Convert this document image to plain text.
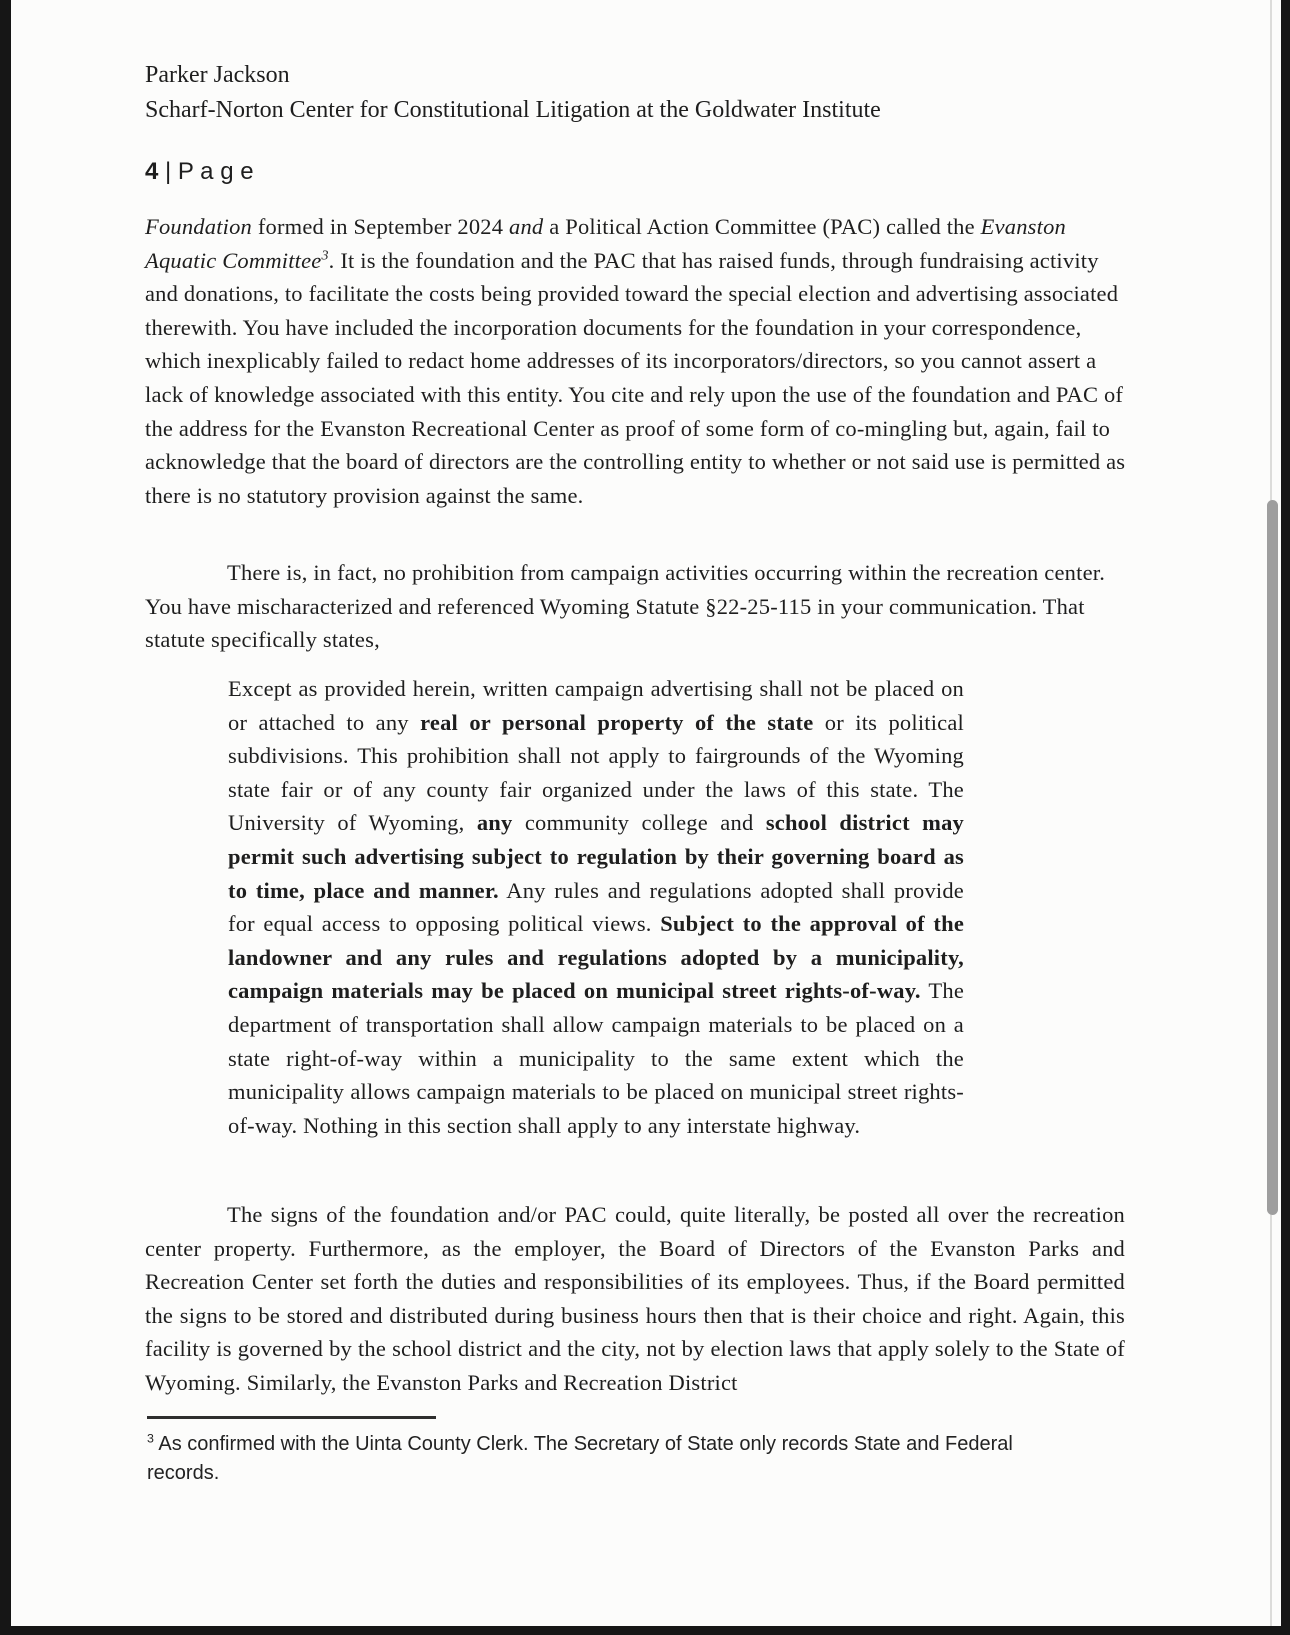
Parker Jackson
Scharf-Norton Center for Constitutional Litigation at the Goldwater Institute
4 | P a g e
Foundation formed in September 2024 and a Political Action Committee (PAC) called the Evanston Aquatic Committee$^3$. It is the foundation and the PAC that has raised funds, through fundraising activity and donations, to facilitate the costs being provided toward the special election and advertising associated therewith. You have included the incorporation documents for the foundation in your correspondence, which inexplicably failed to redact home addresses of its incorporators/directors, so you cannot assert a lack of knowledge associated with this entity. You cite and rely upon the use of the foundation and PAC of the address for the Evanston Recreational Center as proof of some form of co-mingling but, again, fail to acknowledge that the board of directors are the controlling entity to whether or not said use is permitted as there is no statutory provision against the same.
There is, in fact, no prohibition from campaign activities occurring within the recreation center. You have mischaracterized and referenced Wyoming Statute §22-25-115 in your communication. That statute specifically states,
Except as provided herein, written campaign advertising shall not be placed on or attached to any real or personal property of the state or its political subdivisions. This prohibition shall not apply to fairgrounds of the Wyoming state fair or of any county fair organized under the laws of this state. The University of Wyoming, any community college and school district may permit such advertising subject to regulation by their governing board as to time, place and manner. Any rules and regulations adopted shall provide for equal access to opposing political views. Subject to the approval of the landowner and any rules and regulations adopted by a municipality, campaign materials may be placed on municipal street rights-of-way. The department of transportation shall allow campaign materials to be placed on a state right-of-way within a municipality to the same extent which the municipality allows campaign materials to be placed on municipal street rights-of-way. Nothing in this section shall apply to any interstate highway.
The signs of the foundation and/or PAC could, quite literally, be posted all over the recreation center property. Furthermore, as the employer, the Board of Directors of the Evanston Parks and Recreation Center set forth the duties and responsibilities of its employees. Thus, if the Board permitted the signs to be stored and distributed during business hours then that is their choice and right. Again, this facility is governed by the school district and the city, not by election laws that apply solely to the State of Wyoming. Similarly, the Evanston Parks and Recreation District
$^3$ As confirmed with the Uinta County Clerk. The Secretary of State only records State and Federal records.
